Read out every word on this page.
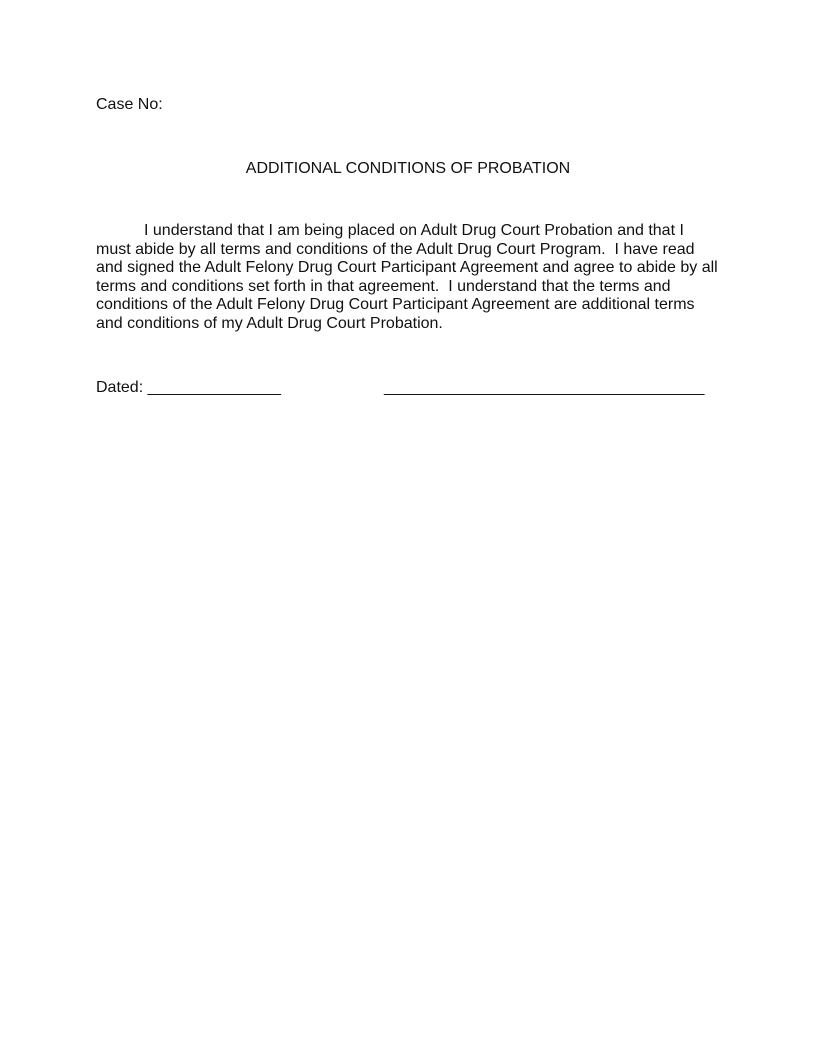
Case No:
ADDITIONAL CONDITIONS OF PROBATION
I understand that I am being placed on Adult Drug Court Probation and that I
must abide by all terms and conditions of the Adult Drug Court Program.  I have read
and signed the Adult Felony Drug Court Participant Agreement and agree to abide by all
terms and conditions set forth in that agreement.  I understand that the terms and
conditions of the Adult Felony Drug Court Participant Agreement are additional terms
and conditions of my Adult Drug Court Probation.
Dated: _______________	____________________________________
